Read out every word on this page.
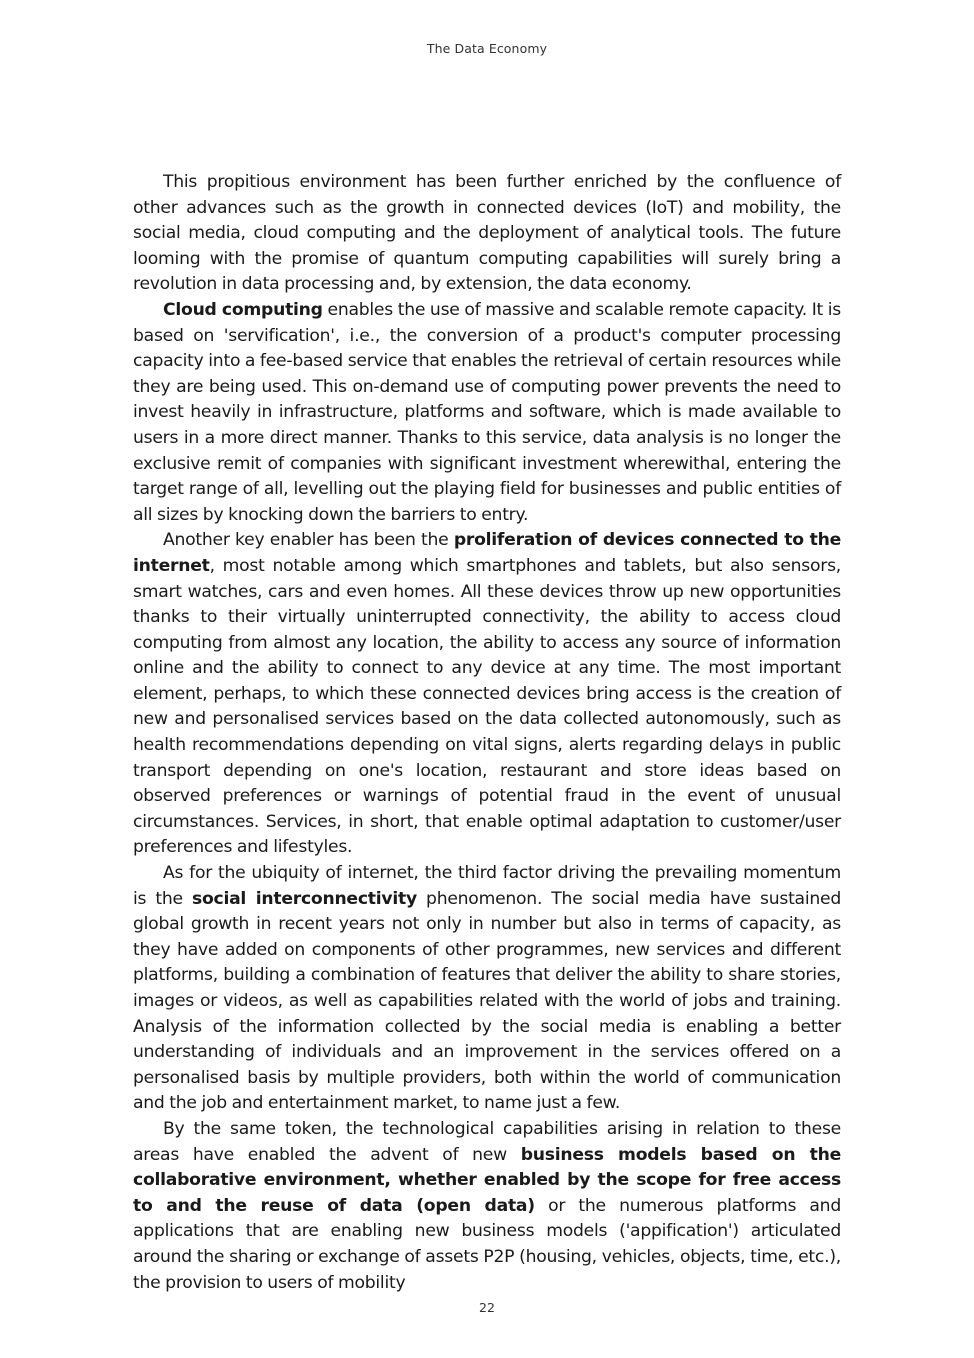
The Data Economy

This propitious environment has been further enriched by the confluence of other advances such as the growth in connected devices (IoT) and mobility, the social media, cloud computing and the deployment of analytical tools. The future looming with the promise of quantum computing capabilities will surely bring a revolution in data processing and, by extension, the data economy.

Cloud computing enables the use of massive and scalable remote capacity. It is based on 'servification', i.e., the conversion of a product's computer processing capacity into a fee-based service that enables the retrieval of certain resources while they are being used. This on-demand use of computing power prevents the need to invest heavily in infrastructure, platforms and software, which is made available to users in a more direct manner. Thanks to this service, data analysis is no longer the exclusive remit of companies with significant investment wherewithal, entering the target range of all, levelling out the playing field for businesses and public entities of all sizes by knocking down the barriers to entry.

Another key enabler has been the proliferation of devices connected to the internet, most notable among which smartphones and tablets, but also sensors, smart watches, cars and even homes. All these devices throw up new opportunities thanks to their virtually uninterrupted connectivity, the ability to access cloud computing from almost any location, the ability to access any source of information online and the ability to connect to any device at any time. The most important element, perhaps, to which these connected devices bring access is the creation of new and personalised services based on the data collected autonomously, such as health recommendations depending on vital signs, alerts regarding delays in public transport depending on one's location, restaurant and store ideas based on observed preferences or warnings of potential fraud in the event of unusual circumstances. Services, in short, that enable optimal adaptation to customer/user preferences and lifestyles.

As for the ubiquity of internet, the third factor driving the prevailing momentum is the social interconnectivity phenomenon. The social media have sustained global growth in recent years not only in number but also in terms of capacity, as they have added on components of other programmes, new services and different platforms, building a combination of features that deliver the ability to share stories, images or videos, as well as capabilities related with the world of jobs and training. Analysis of the information collected by the social media is enabling a better understanding of individuals and an improvement in the services offered on a personalised basis by multiple providers, both within the world of communication and the job and entertainment market, to name just a few.

By the same token, the technological capabilities arising in relation to these areas have enabled the advent of new business models based on the collaborative environment, whether enabled by the scope for free access to and the reuse of data (open data) or the numerous platforms and applications that are enabling new business models ('appification') articulated around the sharing or exchange of assets P2P (housing, vehicles, objects, time, etc.), the provision to users of mobility

22
